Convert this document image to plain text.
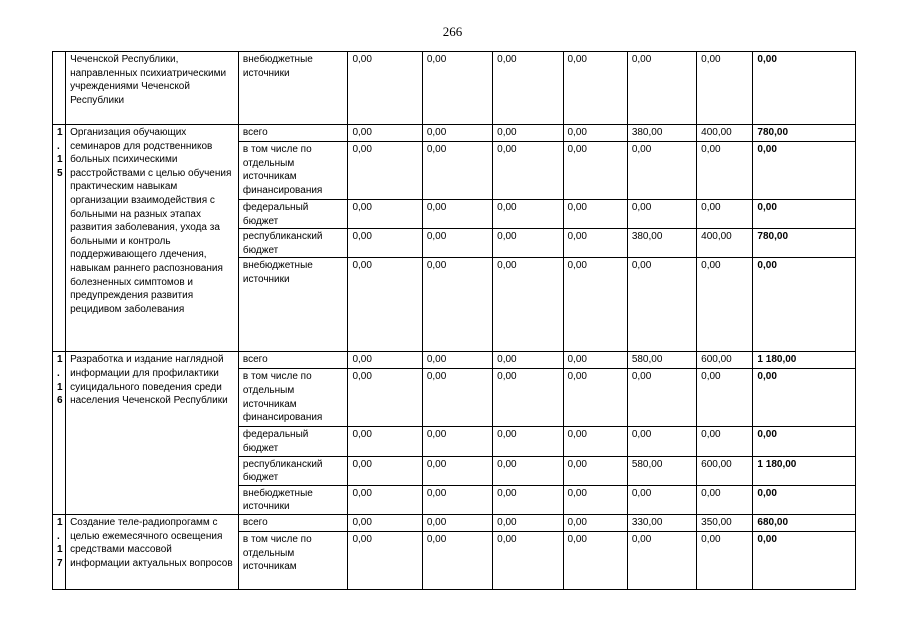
266
	Чеченской Республики, направленных психиатрическими учреждениями Чеченской Республики	внебюджетные источники	0,00	0,00	0,00	0,00	0,00	0,00	0,00
1.15	Организация обучающих семинаров для родственников больных психическими расстройствами с целью обучения практическим навыкам организации взаимодействия с больными на разных этапах развития заболевания, ухода за больными и контроль поддерживающего лдечения, навыкам раннего распознования болезненных симптомов и предупреждения развития рецидивом заболевания	всего	0,00	0,00	0,00	0,00	380,00	400,00	780,00
		в том числе по отдельным источникам финансирования	0,00	0,00	0,00	0,00	0,00	0,00	0,00
		федеральный бюджет	0,00	0,00	0,00	0,00	0,00	0,00	0,00
		республиканский бюджет	0,00	0,00	0,00	0,00	380,00	400,00	780,00
		внебюджетные источники	0,00	0,00	0,00	0,00	0,00	0,00	0,00
1.16	Разработка и издание наглядной информации для профилактики суицидального поведения среди населения Чеченской Республики	всего	0,00	0,00	0,00	0,00	580,00	600,00	1 180,00
		в том числе по отдельным источникам финансирования	0,00	0,00	0,00	0,00	0,00	0,00	0,00
		федеральный бюджет	0,00	0,00	0,00	0,00	0,00	0,00	0,00
		республиканский бюджет	0,00	0,00	0,00	0,00	580,00	600,00	1 180,00
		внебюджетные источники	0,00	0,00	0,00	0,00	0,00	0,00	0,00
1.17	Создание теле-радиопрогамм с целью ежемесячного освещения средствами массовой информации актуальных вопросов	всего	0,00	0,00	0,00	0,00	330,00	350,00	680,00
		в том числе по отдельным источникам	0,00	0,00	0,00	0,00	0,00	0,00	0,00
